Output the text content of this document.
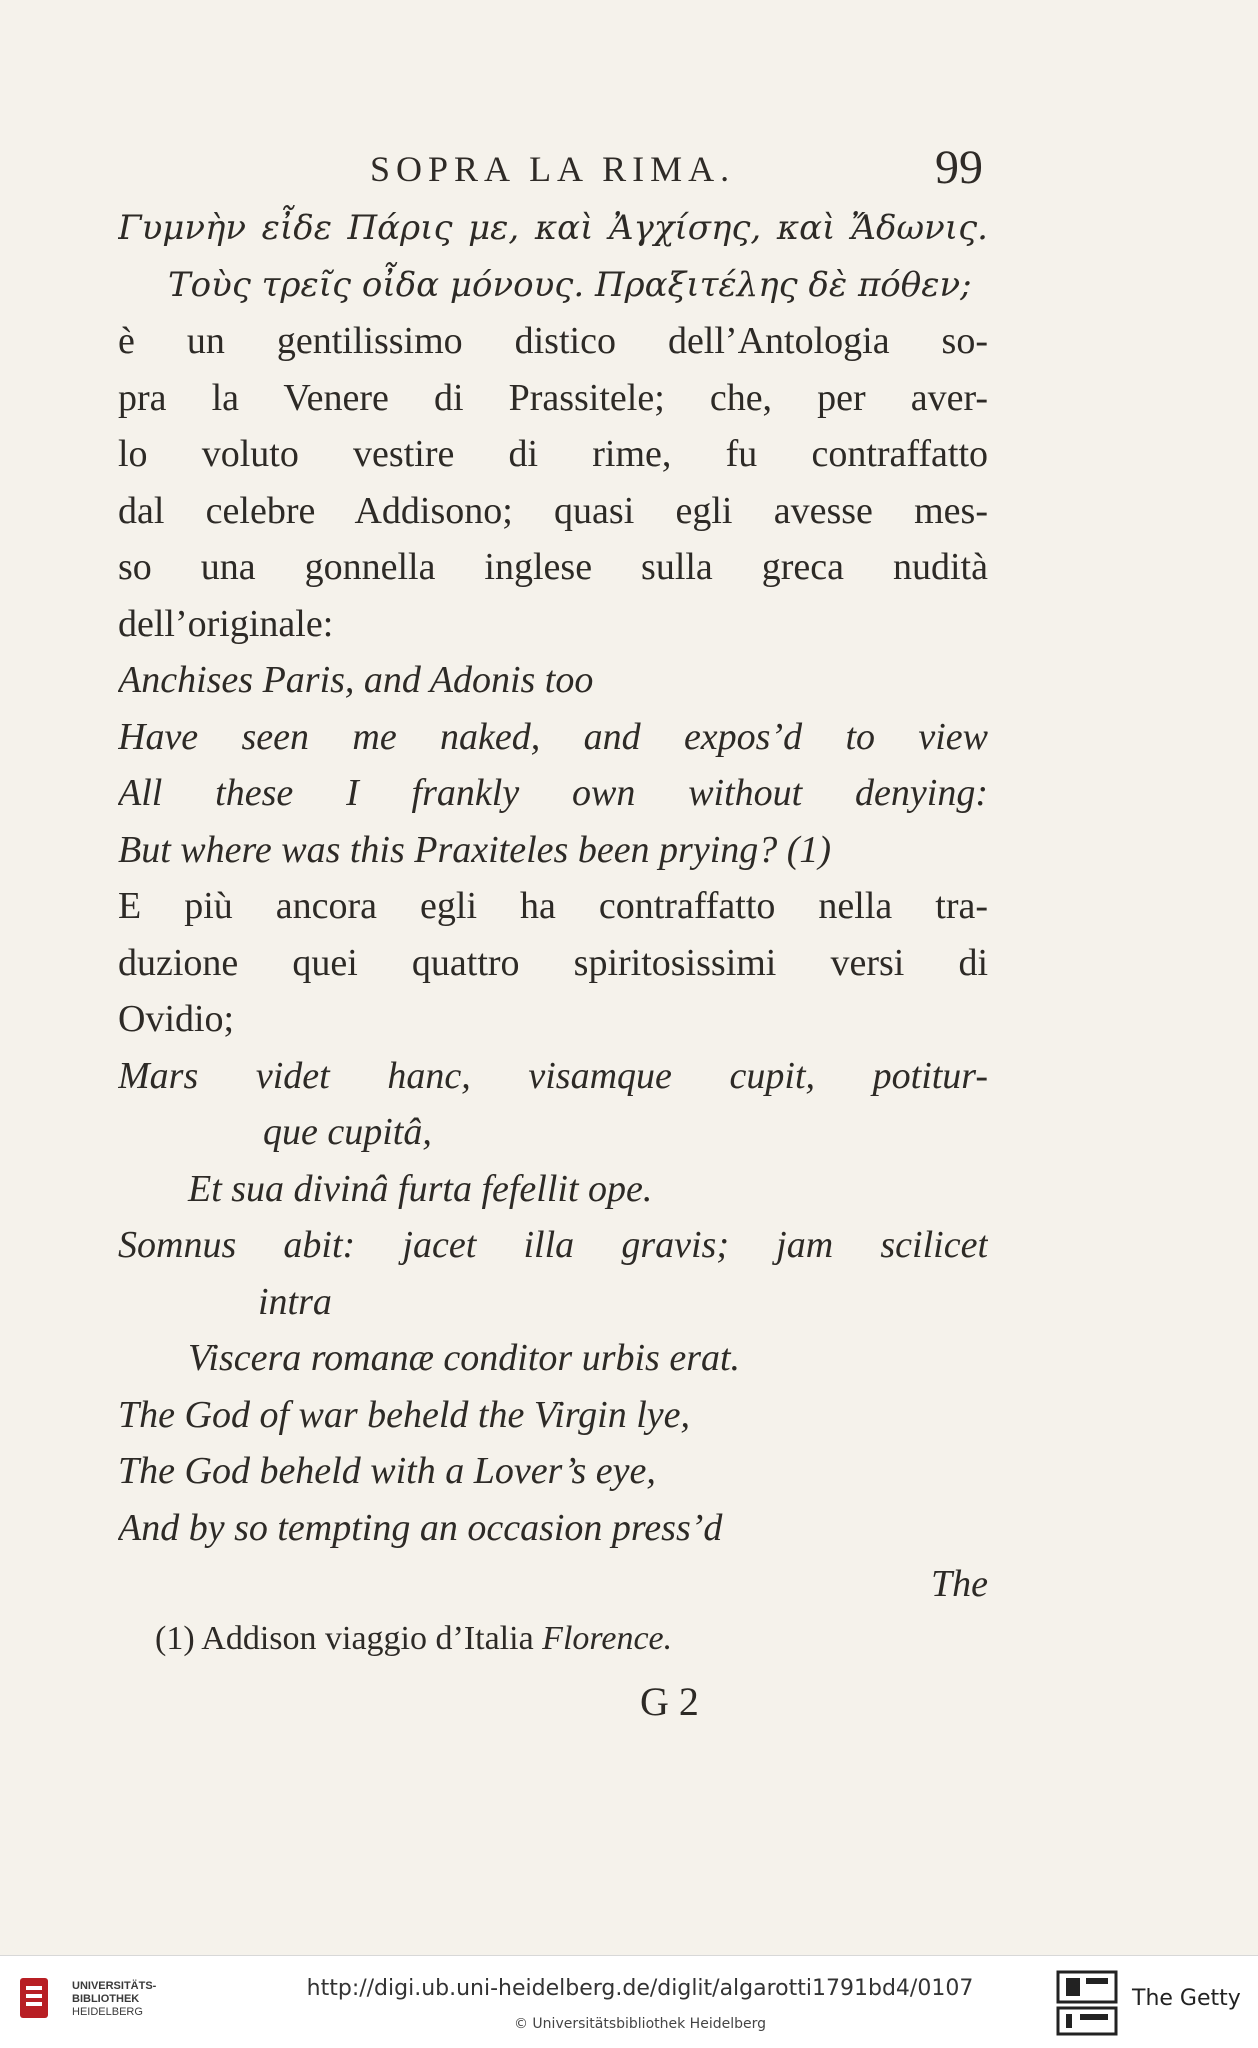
SOPRA LA RIMA.	99
Γυμνὴν εἶδε Πάρις με, καὶ Ἀγχίσης, καὶ Ἄδωνις.
Τοὺς τρεῖς οἶδα μόνους. Πραξιτέλης δὲ πόθεν;
è un gentilissimo distico dell’Antologia so-
pra la Venere di Prassitele; che, per aver-
lo voluto vestire di rime, fu contraffatto
dal celebre Addisono; quasi egli avesse mes-
so una gonnella inglese sulla greca nudità
dell’originale:
Anchises Paris, and Adonis too
Have seen me naked, and expos’d to view
All these I frankly own without denying:
But where was this Praxiteles been prying? (1)
E più ancora egli ha contraffatto nella tra-
duzione quei quattro spiritosissimi versi di
Ovidio;
Mars videt hanc, visamque cupit, potitur-
que cupitâ,
Et sua divinâ furta fefellit ope.
Somnus abit: jacet illa gravis; jam scilicet
intra
Viscera romanæ conditor urbis erat.
The God of war beheld the Virgin lye,
The God beheld with a Lover’s eye,
And by so tempting an occasion press’d
The
(1) Addison viaggio d’Italia Florence.
G 2
UNIVERSITÄTS-
BIBLIOTHEK
HEIDELBERG
http://digi.ub.uni-heidelberg.de/diglit/algarotti1791bd4/0107
© Universitätsbibliothek Heidelberg
The Getty
